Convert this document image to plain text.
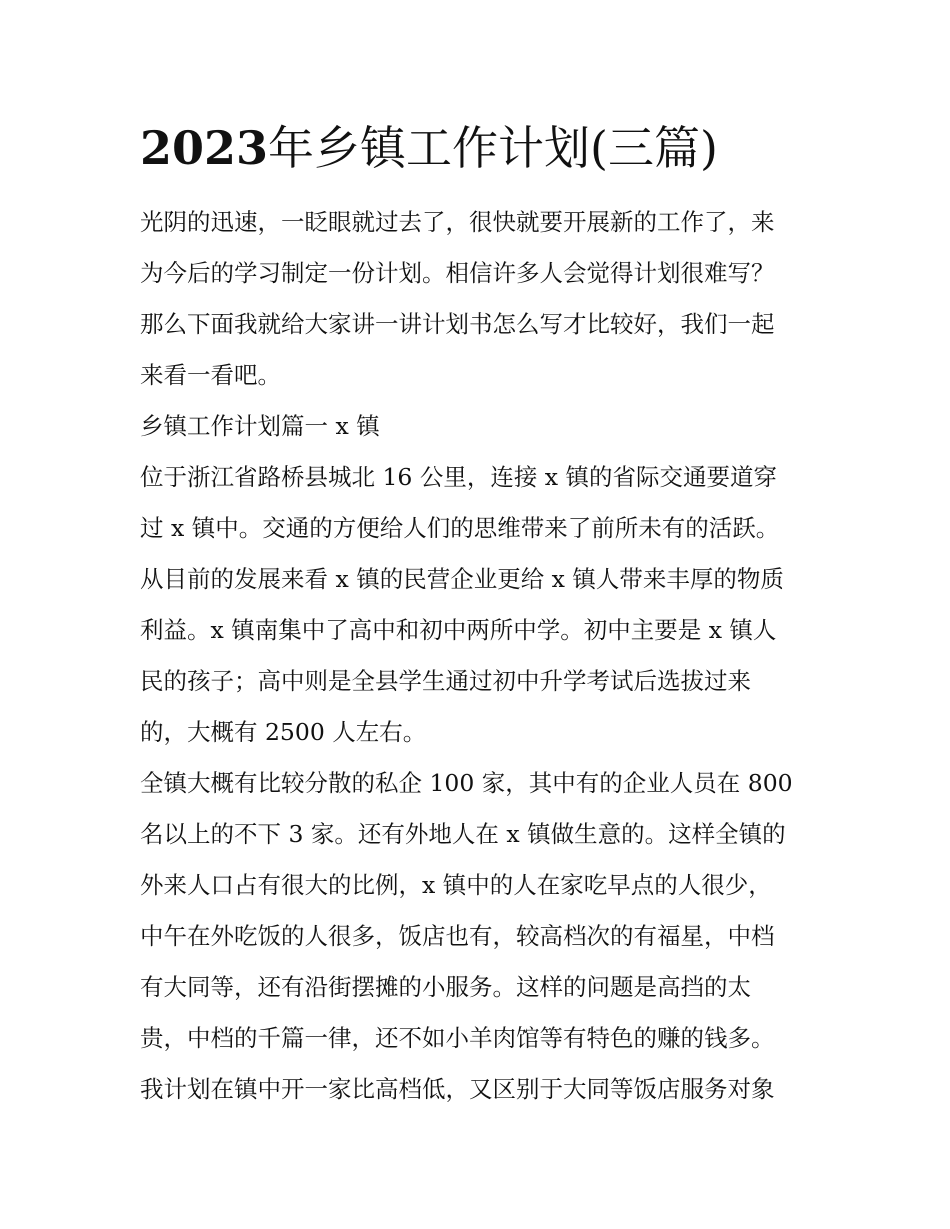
2023年乡镇工作计划(三篇)

光阴的迅速，一眨眼就过去了，很快就要开展新的工作了，来

为今后的学习制定一份计划。相信许多人会觉得计划很难写？

那么下面我就给大家讲一讲计划书怎么写才比较好，我们一起

来看一看吧。

乡镇工作计划篇一 x 镇

位于浙江省路桥县城北 16 公里，连接 x 镇的省际交通要道穿

过 x 镇中。交通的方便给人们的思维带来了前所未有的活跃。

从目前的发展来看 x 镇的民营企业更给 x 镇人带来丰厚的物质

利益。x 镇南集中了高中和初中两所中学。初中主要是 x 镇人

民的孩子；高中则是全县学生通过初中升学考试后选拔过来

的，大概有 2500 人左右。

全镇大概有比较分散的私企 100 家，其中有的企业人员在 800

名以上的不下 3 家。还有外地人在 x 镇做生意的。这样全镇的

外来人口占有很大的比例，x 镇中的人在家吃早点的人很少，

中午在外吃饭的人很多，饭店也有，较高档次的有福星，中档

有大同等，还有沿街摆摊的小服务。这样的问题是高挡的太

贵，中档的千篇一律，还不如小羊肉馆等有特色的赚的钱多。

我计划在镇中开一家比高档低，又区别于大同等饭店服务对象
